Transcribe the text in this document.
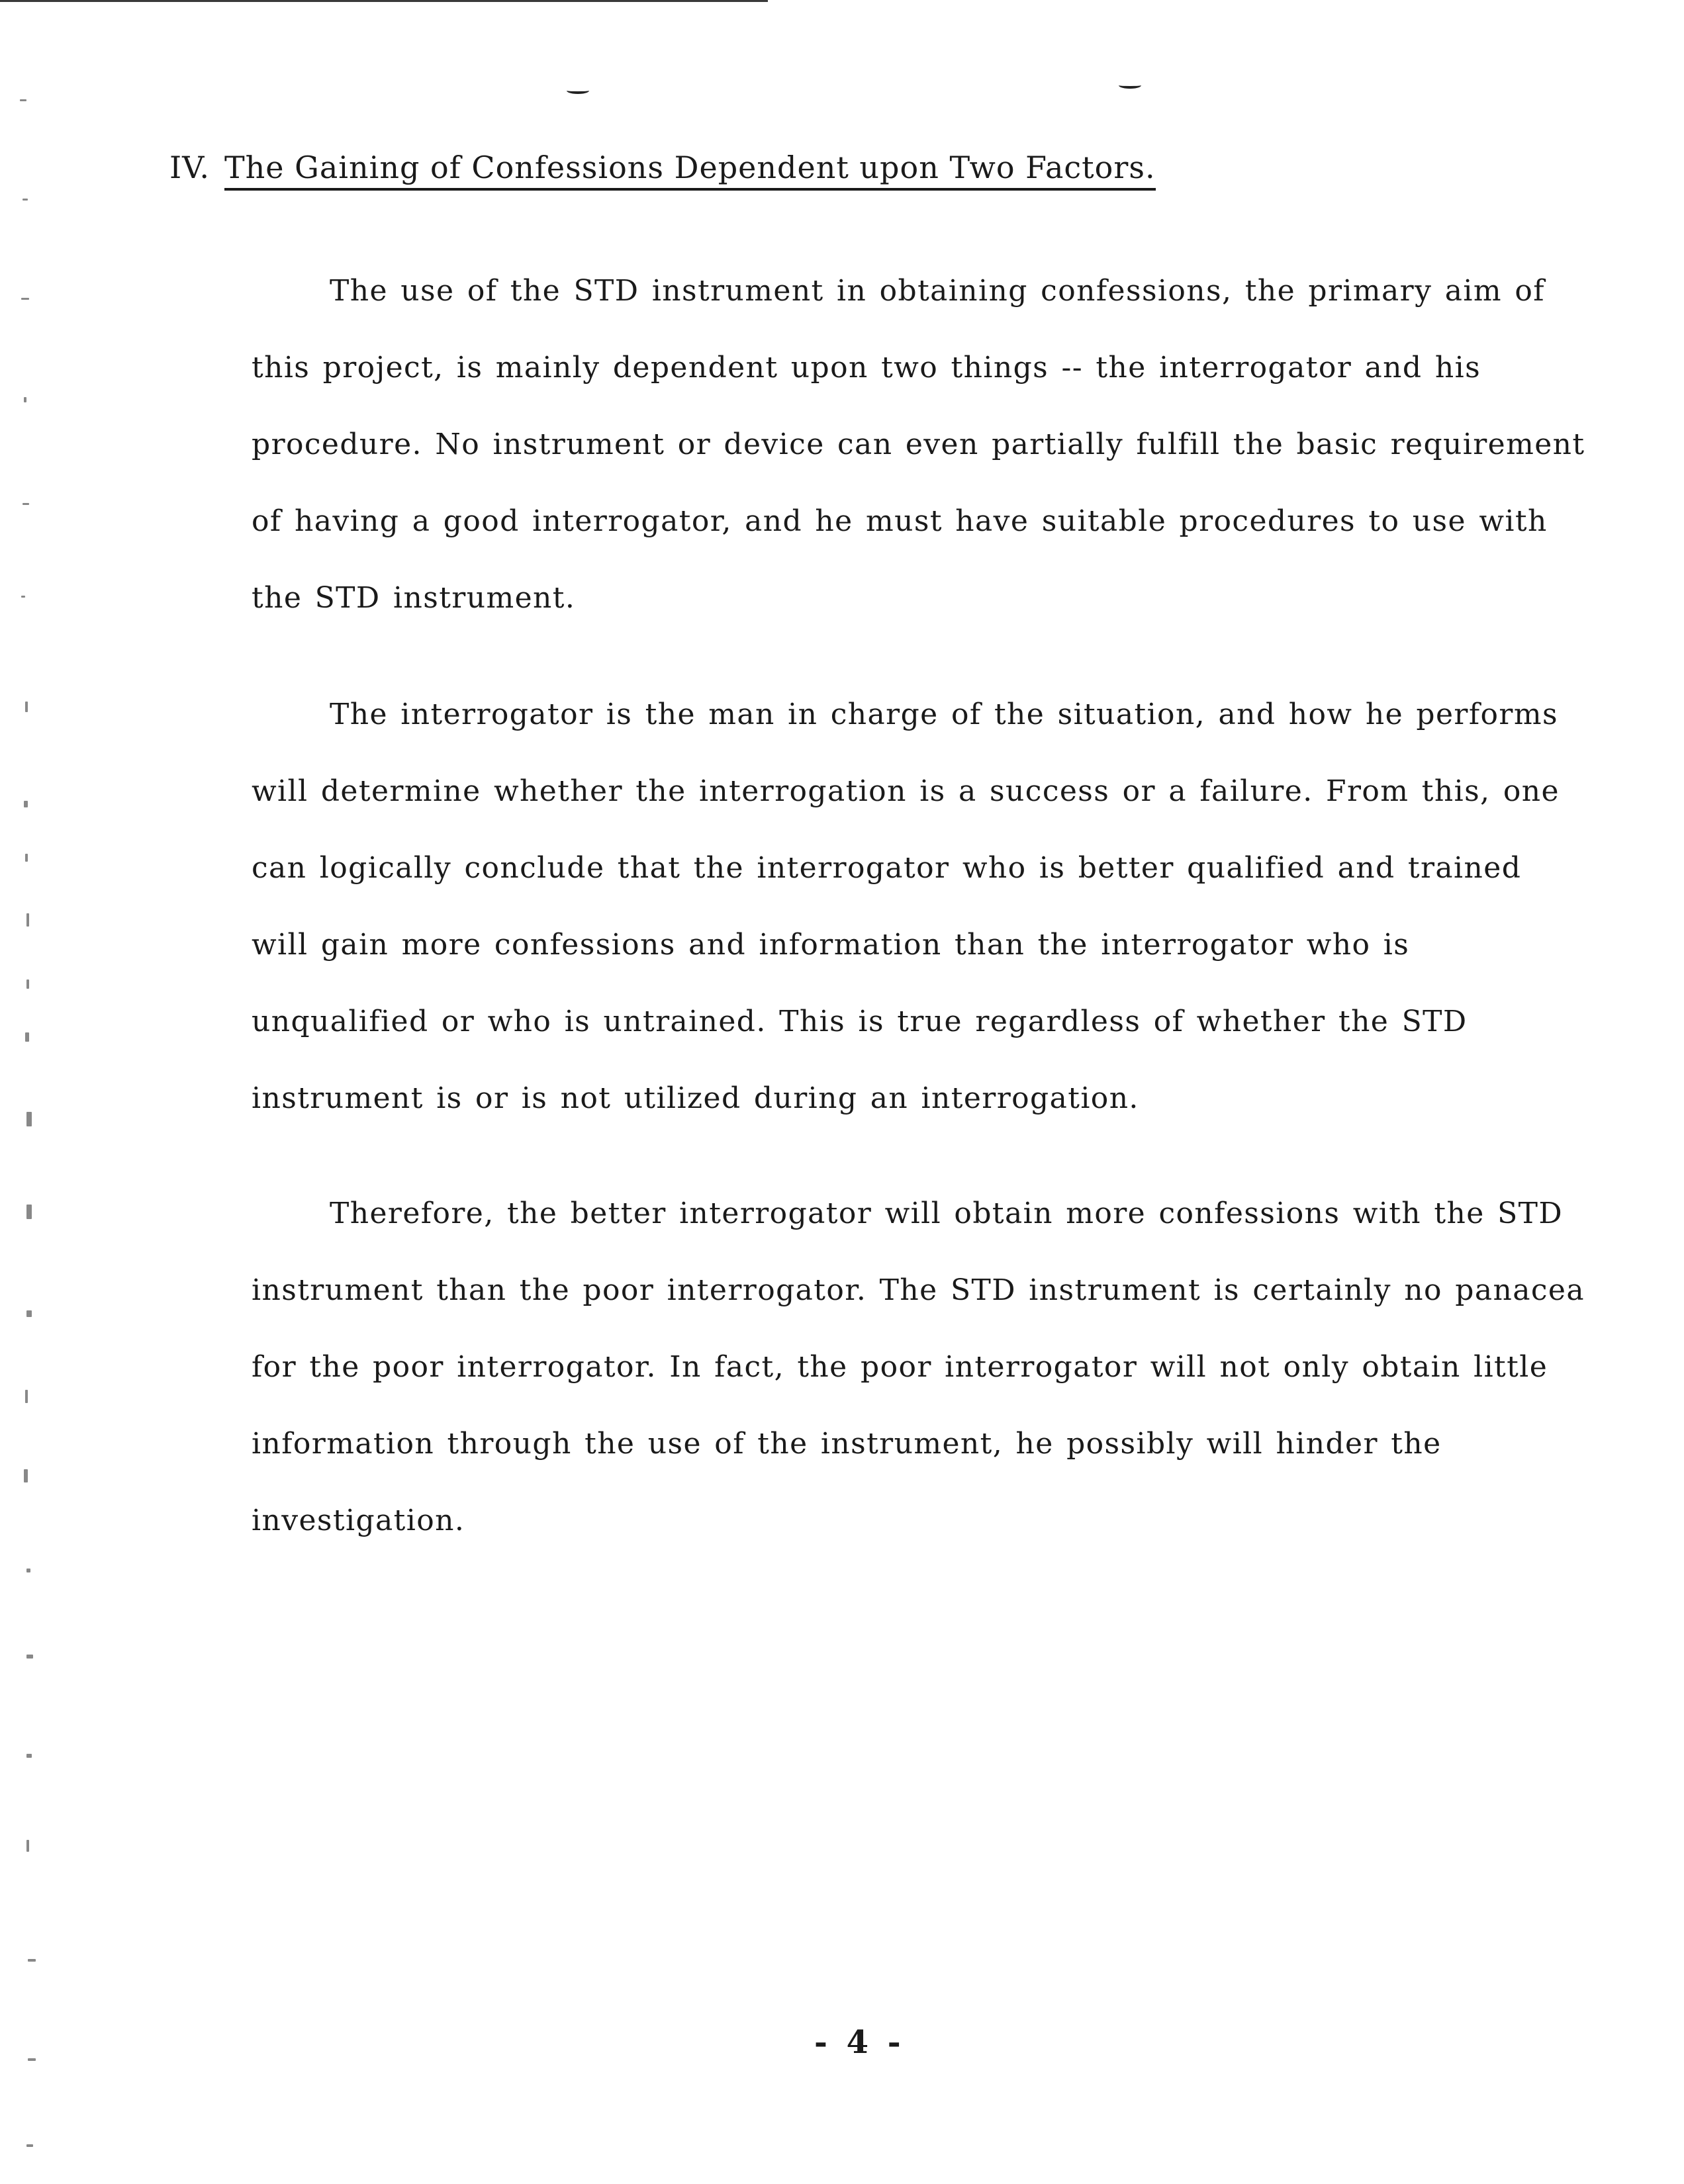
IV. The Gaining of Confessions Dependent upon Two Factors.

The use of the STD instrument in obtaining confessions, the primary aim of this project, is mainly dependent upon two things -- the interrogator and his procedure. No instrument or device can even partially fulfill the basic requirement of having a good interrogator, and he must have suitable procedures to use with the STD instrument.

The interrogator is the man in charge of the situation, and how he performs will determine whether the interrogation is a success or a failure. From this, one can logically conclude that the interrogator who is better qualified and trained will gain more confessions and information than the interrogator who is unqualified or who is untrained. This is true regardless of whether the STD instrument is or is not utilized during an interrogation.

Therefore, the better interrogator will obtain more confessions with the STD instrument than the poor interrogator. The STD instrument is certainly no panacea for the poor interrogator. In fact, the poor interrogator will not only obtain little information through the use of the instrument, he possibly will hinder the investigation.

- 4 -
